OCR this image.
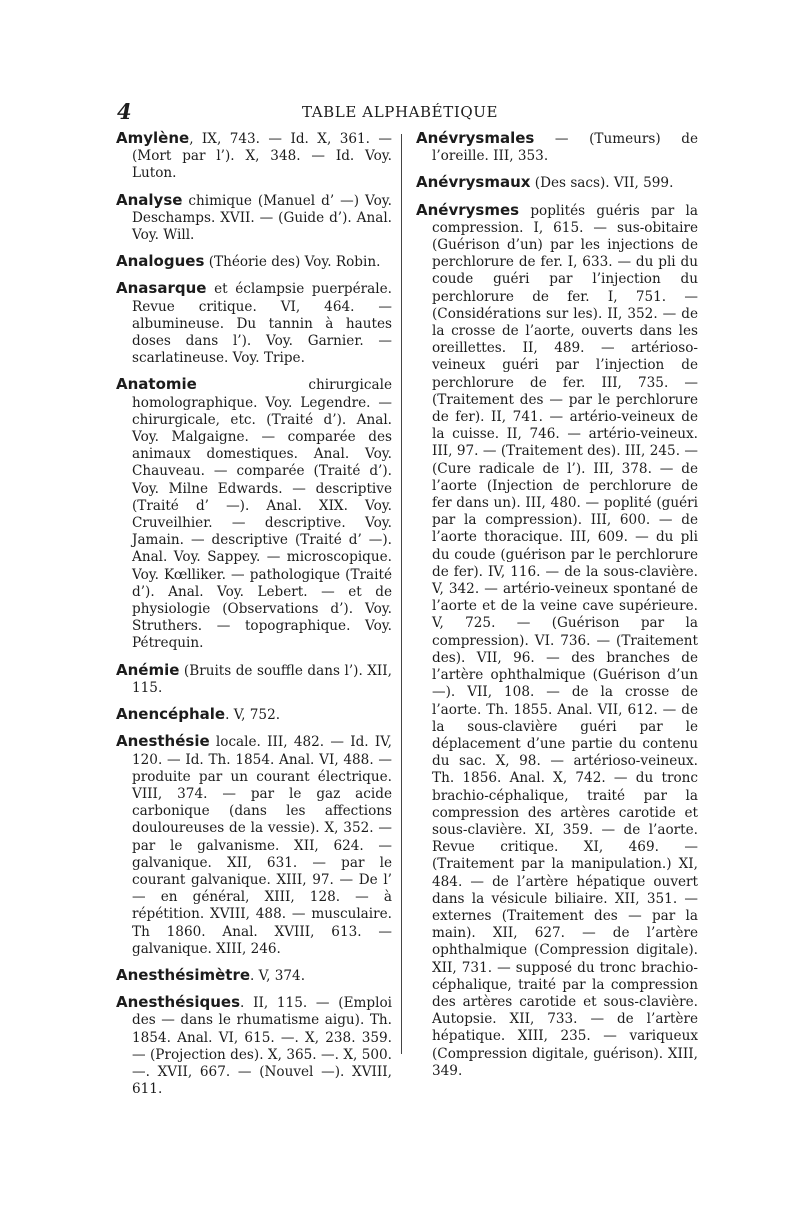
4	TABLE ALPHABÉTIQUE

Amylène, IX, 743. — Id. X, 361. — (Mort par l’). X, 348. — Id. Voy. Luton.

Analyse chimique (Manuel d’ —) Voy. Deschamps. XVII. — (Guide d’). Anal. Voy. Will.

Analogues (Théorie des) Voy. Robin.

Anasarque et éclampsie puerpérale. Revue critique. VI, 464. — albumineuse. Du tannin à hautes doses dans l’). Voy. Garnier. — scarlatineuse. Voy. Tripe.

Anatomie chirurgicale homolographique. Voy. Legendre. — chirurgicale, etc. (Traité d’). Anal. Voy. Malgaigne. — comparée des animaux domestiques. Anal. Voy. Chauveau. — comparée (Traité d’). Voy. Milne Edwards. — descriptive (Traité d’ —). Anal. XIX. Voy. Cruveilhier. — descriptive. Voy. Jamain. — descriptive (Traité d’ —). Anal. Voy. Sappey. — microscopique. Voy. Kœlliker. — pathologique (Traité d’). Anal. Voy. Lebert. — et de physiologie (Observations d’). Voy. Struthers. — topographique. Voy. Pétrequin.

Anémie (Bruits de souffle dans l’). XII, 115.

Anencéphale. V, 752.

Anesthésie locale. III, 482. — Id. IV, 120. — Id. Th. 1854. Anal. VI, 488. — produite par un courant électrique. VIII, 374. — par le gaz acide carbonique (dans les affections douloureuses de la vessie). X, 352. — par le galvanisme. XII, 624. — galvanique. XII, 631. — par le courant galvanique. XIII, 97. — De l’ — en général, XIII, 128. — à répétition. XVIII, 488. — musculaire. Th 1860. Anal. XVIII, 613. — galvanique. XIII, 246.

Anesthésimètre. V, 374.

Anesthésiques. II, 115. — (Emploi des — dans le rhumatisme aigu). Th. 1854. Anal. VI, 615. —. X, 238. 359. — (Projection des). X, 365. —. X, 500. —. XVII, 667. — (Nouvel —). XVIII, 611.

Anévrysmales — (Tumeurs) de l’oreille. III, 353.

Anévrysmaux (Des sacs). VII, 599.

Anévrysmes poplités guéris par la compression. I, 615. — sus-obitaire (Guérison d’un) par les injections de perchlorure de fer. I, 633. — du pli du coude guéri par l’injection du perchlorure de fer. I, 751. — (Considérations sur les). II, 352. — de la crosse de l’aorte, ouverts dans les oreillettes. II, 489. — artérioso-veineux guéri par l’injection de perchlorure de fer. III, 735. — (Traitement des — par le perchlorure de fer). II, 741. — artério-veineux de la cuisse. II, 746. — artério-veineux. III, 97. — (Traitement des). III, 245. — (Cure radicale de l’). III, 378. — de l’aorte (Injection de perchlorure de fer dans un). III, 480. — poplité (guéri par la compression). III, 600. — de l’aorte thoracique. III, 609. — du pli du coude (guérison par le perchlorure de fer). IV, 116. — de la sous-clavière. V, 342. — artério-veineux spontané de l’aorte et de la veine cave supérieure. V, 725. — (Guérison par la compression). VI. 736. — (Traitement des). VII, 96. — des branches de l’artère ophthalmique (Guérison d’un —). VII, 108. — de la crosse de l’aorte. Th. 1855. Anal. VII, 612. — de la sous-clavière guéri par le déplacement d’une partie du contenu du sac. X, 98. — artérioso-veineux. Th. 1856. Anal. X, 742. — du tronc brachio-céphalique, traité par la compression des artères carotide et sous-clavière. XI, 359. — de l’aorte. Revue critique. XI, 469. — (Traitement par la manipulation.) XI, 484. — de l’artère hépatique ouvert dans la vésicule biliaire. XII, 351. — externes (Traitement des — par la main). XII, 627. — de l’artère ophthalmique (Compression digitale). XII, 731. — supposé du tronc brachio-céphalique, traité par la compression des artères carotide et sous-clavière. Autopsie. XII, 733. — de l’artère hépatique. XIII, 235. — variqueux (Compression digitale, guérison). XIII, 349.
